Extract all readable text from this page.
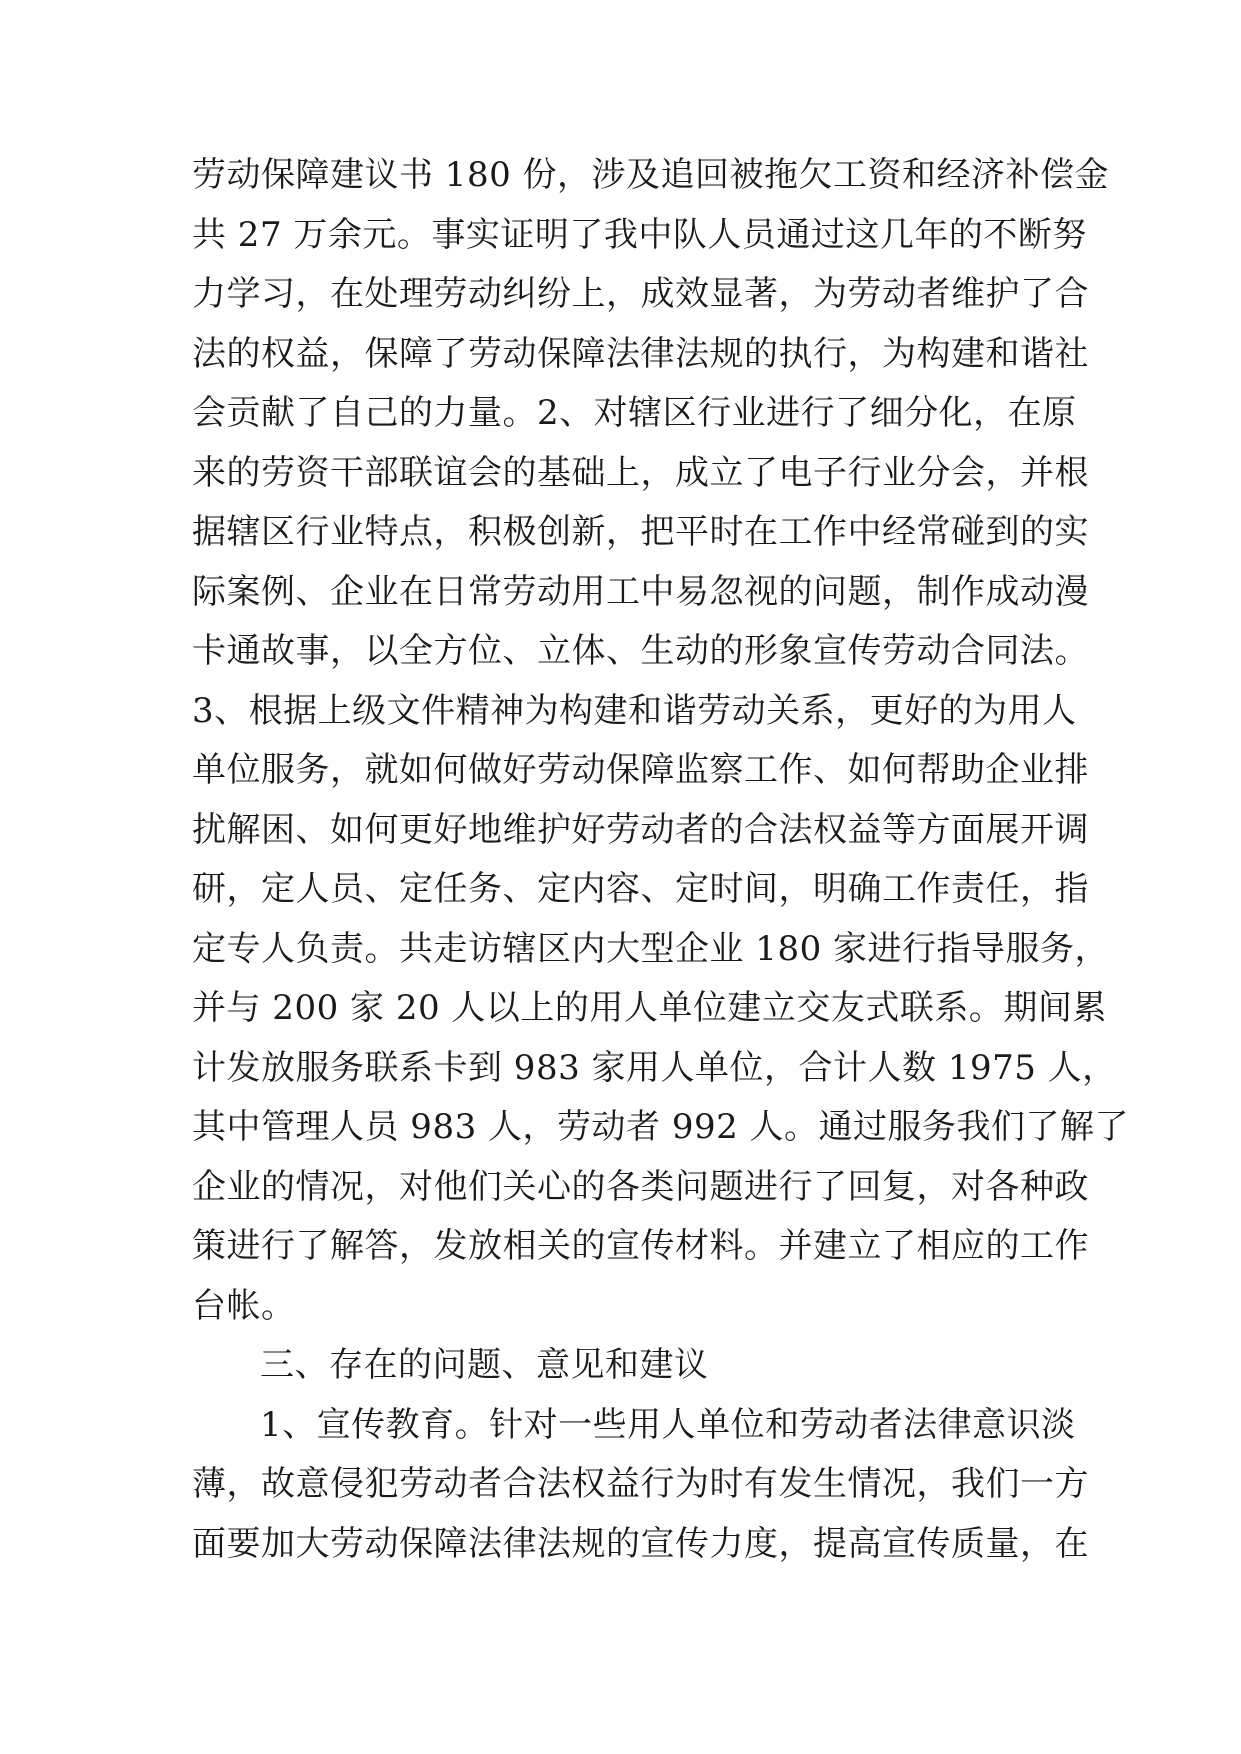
劳动保障建议书 180 份，涉及追回被拖欠工资和经济补偿金
共 27 万余元。事实证明了我中队人员通过这几年的不断努
力学习，在处理劳动纠纷上，成效显著，为劳动者维护了合
法的权益，保障了劳动保障法律法规的执行，为构建和谐社
会贡献了自己的力量。2、对辖区行业进行了细分化，在原
来的劳资干部联谊会的基础上，成立了电子行业分会，并根
据辖区行业特点，积极创新，把平时在工作中经常碰到的实
际案例、企业在日常劳动用工中易忽视的问题，制作成动漫
卡通故事，以全方位、立体、生动的形象宣传劳动合同法。
3、根据上级文件精神为构建和谐劳动关系，更好的为用人
单位服务，就如何做好劳动保障监察工作、如何帮助企业排
扰解困、如何更好地维护好劳动者的合法权益等方面展开调
研，定人员、定任务、定内容、定时间，明确工作责任，指
定专人负责。共走访辖区内大型企业 180 家进行指导服务，
并与 200 家 20 人以上的用人单位建立交友式联系。期间累
计发放服务联系卡到 983 家用人单位，合计人数 1975 人，
其中管理人员 983 人，劳动者 992 人。通过服务我们了解了
企业的情况，对他们关心的各类问题进行了回复，对各种政
策进行了解答，发放相关的宣传材料。并建立了相应的工作
台帐。
三、存在的问题、意见和建议
1、宣传教育。针对一些用人单位和劳动者法律意识淡
薄，故意侵犯劳动者合法权益行为时有发生情况，我们一方
面要加大劳动保障法律法规的宣传力度，提高宣传质量，在
